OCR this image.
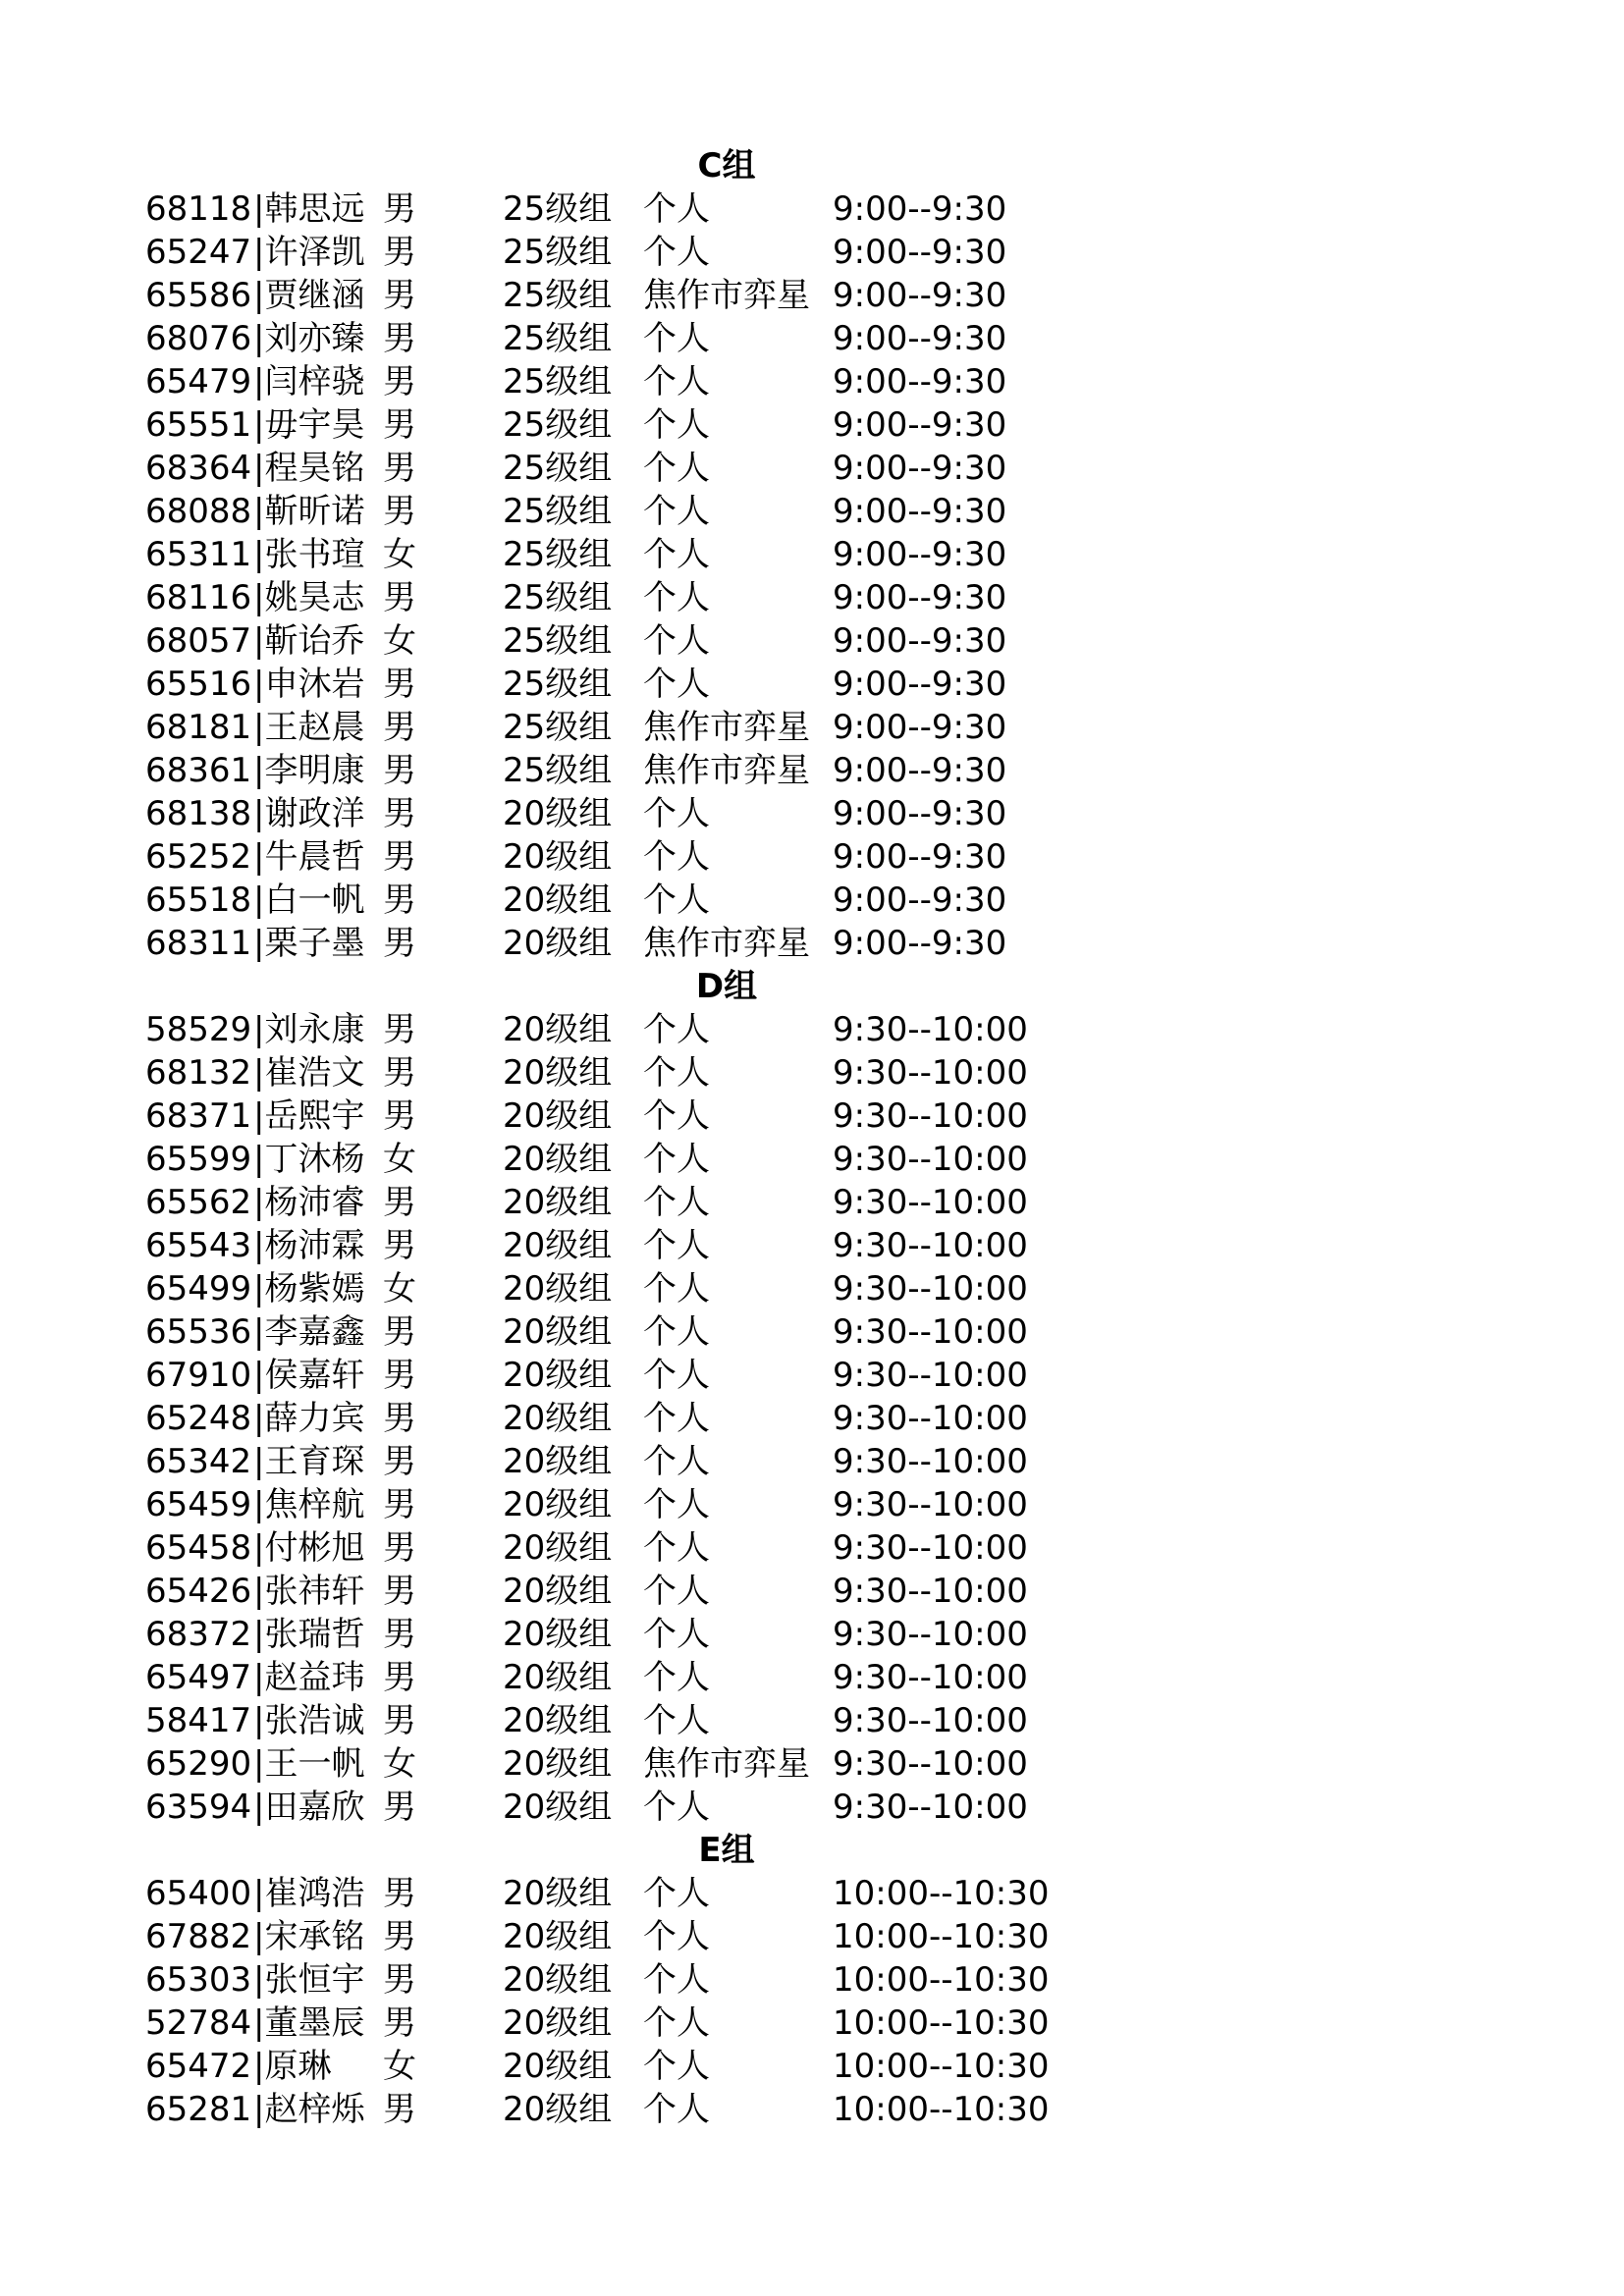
C组
68118 |韩思远 男	25级组 个人	9:00--9:30
65247 |许泽凯 男	25级组 个人	9:00--9:30
65586 |贾继涵 男	25级组 焦作市弈星 9:00--9:30
68076 |刘亦臻 男	25级组 个人	9:00--9:30
65479 |闫梓骁 男	25级组 个人	9:00--9:30
65551 |毋宇昊 男	25级组 个人	9:00--9:30
68364 |程昊铭 男	25级组 个人	9:00--9:30
68088 |靳昕诺 男	25级组 个人	9:00--9:30
65311 |张书瑄 女	25级组 个人	9:00--9:30
68116 |姚昊志 男	25级组 个人	9:00--9:30
68057 |靳诒乔 女	25级组 个人	9:00--9:30
65516 |申沐岩 男	25级组 个人	9:00--9:30
68181 |王赵晨 男	25级组 焦作市弈星 9:00--9:30
68361 |李明康 男	25级组 焦作市弈星 9:00--9:30
68138 |谢政洋 男	20级组 个人	9:00--9:30
65252 |牛晨哲 男	20级组 个人	9:00--9:30
65518 |白一帆 男	20级组 个人	9:00--9:30
68311 |栗子墨 男	20级组 焦作市弈星 9:00--9:30
D组
58529 |刘永康 男	20级组 个人	9:30--10:00
68132 |崔浩文 男	20级组 个人	9:30--10:00
68371 |岳熙宇 男	20级组 个人	9:30--10:00
65599 |丁沐杨 女	20级组 个人	9:30--10:00
65562 |杨沛睿 男	20级组 个人	9:30--10:00
65543 |杨沛霖 男	20级组 个人	9:30--10:00
65499 |杨紫嫣 女	20级组 个人	9:30--10:00
65536 |李嘉鑫 男	20级组 个人	9:30--10:00
67910 |侯嘉轩 男	20级组 个人	9:30--10:00
65248 |薛力宾 男	20级组 个人	9:30--10:00
65342 |王育琛 男	20级组 个人	9:30--10:00
65459 |焦梓航 男	20级组 个人	9:30--10:00
65458 |付彬旭 男	20级组 个人	9:30--10:00
65426 |张祎轩 男	20级组 个人	9:30--10:00
68372 |张瑞哲 男	20级组 个人	9:30--10:00
65497 |赵益玮 男	20级组 个人	9:30--10:00
58417 |张浩诚 男	20级组 个人	9:30--10:00
65290 |王一帆 女	20级组 焦作市弈星 9:30--10:00
63594 |田嘉欣 男	20级组 个人	9:30--10:00
E组
65400 |崔鸿浩 男	20级组 个人	10:00--10:30
67882 |宋承铭 男	20级组 个人	10:00--10:30
65303 |张恒宇 男	20级组 个人	10:00--10:30
52784 |董墨辰 男	20级组 个人	10:00--10:30
65472 |原琳	女	20级组 个人	10:00--10:30
65281 |赵梓烁 男	20级组 个人	10:00--10:30
